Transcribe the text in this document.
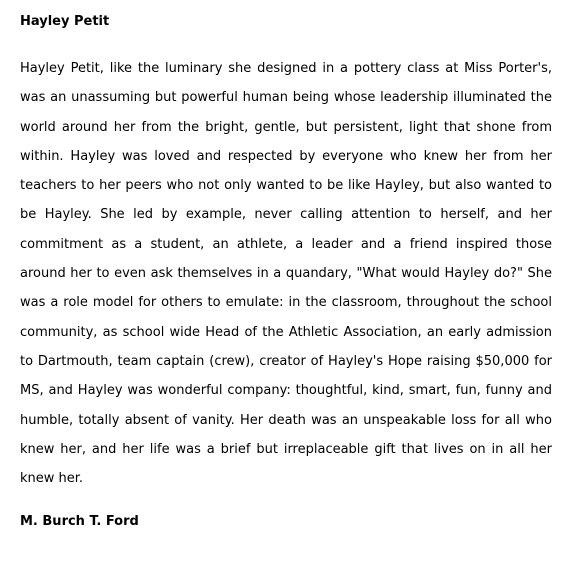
Hayley Petit

Hayley Petit, like the luminary she designed in a pottery class at Miss Porter's, was an unassuming but powerful human being whose leadership illuminated the world around her from the bright, gentle, but persistent, light that shone from within. Hayley was loved and respected by everyone who knew her from her teachers to her peers who not only wanted to be like Hayley, but also wanted to be Hayley. She led by example, never calling attention to herself, and her commitment as a student, an athlete, a leader and a friend inspired those around her to even ask themselves in a quandary, "What would Hayley do?" She was a role model for others to emulate: in the classroom, throughout the school community, as school wide Head of the Athletic Association, an early admission to Dartmouth, team captain (crew), creator of Hayley's Hope raising $50,000 for MS, and Hayley was wonderful company: thoughtful, kind, smart, fun, funny and humble, totally absent of vanity. Her death was an unspeakable loss for all who knew her, and her life was a brief but irreplaceable gift that lives on in all her knew her.

M. Burch T. Ford
